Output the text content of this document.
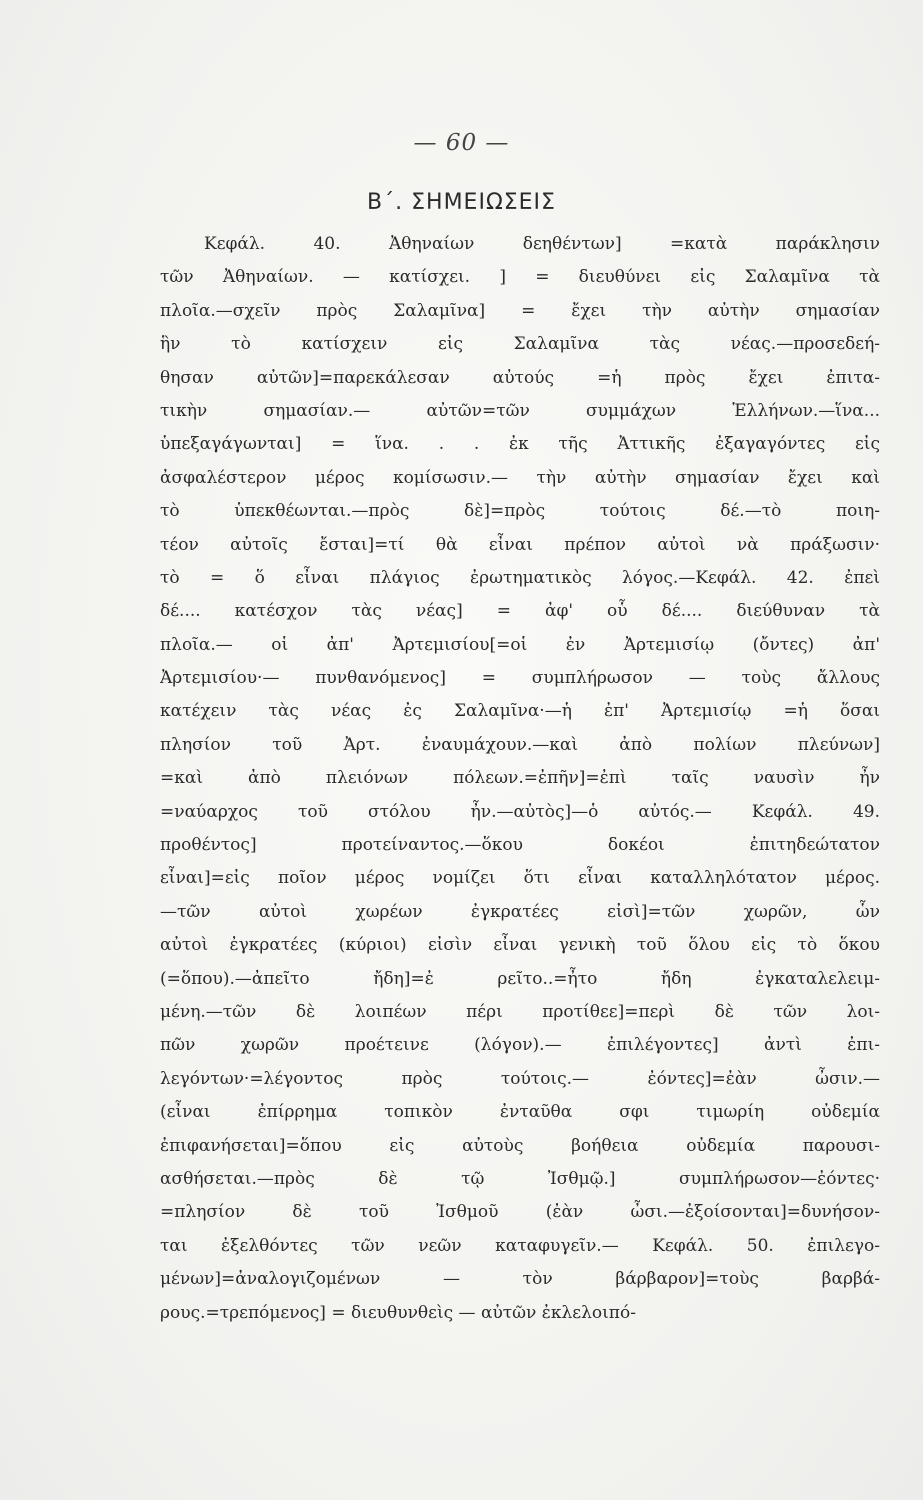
— 60 —
Β΄. ΣΗΜΕΙΩΣΕΙΣ
Κεφάλ. 40. Ἀθηναίων δεηθέντων] =κατὰ παράκλησιν
τῶν Ἀθηναίων. — κατίσχει. ] = διευθύνει εἰς Σαλαμῖνα τὰ
πλοῖα.—σχεῖν πρὸς Σαλαμῖνα] = ἔχει τὴν αὐτὴν σημασίαν
ἣν τὸ κατίσχειν εἰς Σαλαμῖνα τὰς νέας.—προσεδεή-
θησαν αὐτῶν]=παρεκάλεσαν αὐτούς =ἡ πρὸς ἔχει ἐπιτα-
τικὴν σημασίαν.— αὐτῶν=τῶν συμμάχων Ἑλλήνων.—ἵνα...
ὑπεξαγάγωνται] = ἵνα. . . ἐκ τῆς Ἀττικῆς ἐξαγαγόντες εἰς
ἀσφαλέστερον μέρος κομίσωσιν.— τὴν αὐτὴν σημασίαν ἔχει καὶ
τὸ ὑπεκθέωνται.—πρὸς δὲ]=πρὸς τούτοις δέ.—τὸ ποιη-
τέον αὐτοῖς ἔσται]=τί θὰ εἶναι πρέπον αὐτοὶ νὰ πράξωσιν·
τὸ = ὅ εἶναι πλάγιος ἐρωτηματικὸς λόγος.—Κεφάλ. 42. ἐπεὶ
δέ.... κατέσχον τὰς νέας] = ἀφ' οὗ δέ.... διεύθυναν τὰ
πλοῖα.— οἱ ἀπ' Ἀρτεμισίου[=οἱ ἐν Ἀρτεμισίῳ (ὄντες) ἀπ'
Ἀρτεμισίου·— πυνθανόμενος] = συμπλήρωσον — τοὺς ἄλλους
κατέχειν τὰς νέας ἐς Σαλαμῖνα·—ἡ ἐπ' Ἀρτεμισίῳ =ἡ ὅσαι
πλησίον τοῦ Ἀρτ. ἐναυμάχουν.—καὶ ἀπὸ πολίων πλεύνων]
=καὶ ἀπὸ πλειόνων πόλεων.=ἐπῆν]=ἐπὶ ταῖς ναυσὶν ἦν
=ναύαρχος τοῦ στόλου ἦν.—αὐτὸς]—ὁ αὐτός.— Κεφάλ. 49.
προθέντος] προτείναντος.—ὅκου δοκέοι ἐπιτηδεώτατον
εἶναι]=εἰς ποῖον μέρος νομίζει ὅτι εἶναι καταλληλότατον μέρος.
—τῶν αὐτοὶ χωρέων ἐγκρατέες εἰσὶ]=τῶν χωρῶν, ὧν
αὐτοὶ ἐγκρατέες (κύριοι) εἰσὶν εἶναι γενικὴ τοῦ ὅλου εἰς τὸ ὅκου
(=ὅπου).—ἀπεῖτο ἤδη]=ἐ ρεῖτο..=ἦτο ἤδη ἐγκαταλελειμ-
μένη.—τῶν δὲ λοιπέων πέρι προτίθεε]=περὶ δὲ τῶν λοι-
πῶν χωρῶν προέτεινε (λόγον).— ἐπιλέγοντες] ἀντὶ ἐπι-
λεγόντων·=λέγοντος πρὸς τούτοις.— ἐόντες]=ἐὰν ὦσιν.—
(εἶναι ἐπίρρημα τοπικὸν ἐνταῦθα σφι τιμωρίη οὐδεμία
ἐπιφανήσεται]=ὅπου εἰς αὐτοὺς βοήθεια οὐδεμία παρουσι-
ασθήσεται.—πρὸς δὲ τῷ Ἰσθμῷ.] συμπλήρωσον—ἐόντες·
=πλησίον δὲ τοῦ Ἰσθμοῦ (ἐὰν ὦσι.—ἐξοίσονται]=δυνήσον-
ται ἐξελθόντες τῶν νεῶν καταφυγεῖν.— Κεφάλ. 50. ἐπιλεγο-
μένων]=ἀναλογιζομένων — τὸν βάρβαρον]=τοὺς βαρβά-
ρους.=τρεπόμενος] = διευθυνθεὶς — αὐτῶν ἐκλελοιπό-
